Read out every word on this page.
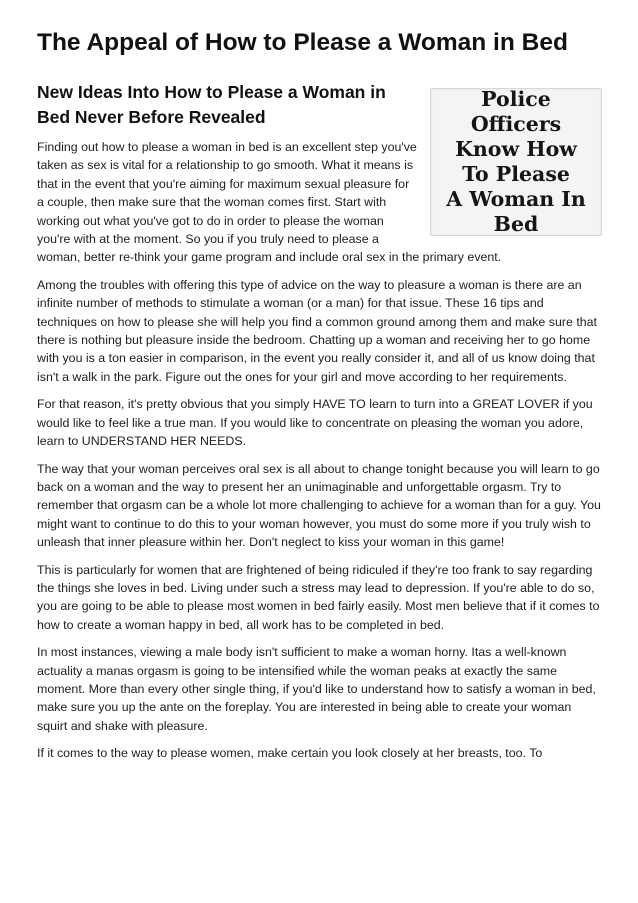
The Appeal of How to Please a Woman in Bed
New Ideas Into How to Please a Woman in Bed Never Before Revealed
Police
Officers
Know How
To Please
A Woman In
Bed

Finding out how to please a woman in bed is an excellent step you've taken as sex is vital for a relationship to go smooth. What it means is that in the event that you're aiming for maximum sexual pleasure for a couple, then make sure that the woman comes first. Start with working out what you've got to do in order to please the woman you're with at the moment. So you if you truly need to please a woman, better re-think your game program and include oral sex in the primary event.

Among the troubles with offering this type of advice on the way to pleasure a woman is there are an infinite number of methods to stimulate a woman (or a man) for that issue. These 16 tips and techniques on how to please she will help you find a common ground among them and make sure that there is nothing but pleasure inside the bedroom. Chatting up a woman and receiving her to go home with you is a ton easier in comparison, in the event you really consider it, and all of us know doing that isn't a walk in the park. Figure out the ones for your girl and move according to her requirements.

For that reason, it's pretty obvious that you simply HAVE TO learn to turn into a GREAT LOVER if you would like to feel like a true man. If you would like to concentrate on pleasing the woman you adore, learn to UNDERSTAND HER NEEDS.

The way that your woman perceives oral sex is all about to change tonight because you will learn to go back on a woman and the way to present her an unimaginable and unforgettable orgasm. Try to remember that orgasm can be a whole lot more challenging to achieve for a woman than for a guy. You might want to continue to do this to your woman however, you must do some more if you truly wish to unleash that inner pleasure within her. Don't neglect to kiss your woman in this game!

This is particularly for women that are frightened of being ridiculed if they're too frank to say regarding the things she loves in bed. Living under such a stress may lead to depression. If you're able to do so, you are going to be able to please most women in bed fairly easily. Most men believe that if it comes to how to create a woman happy in bed, all work has to be completed in bed.

In most instances, viewing a male body isn't sufficient to make a woman horny. Itas a well-known actuality a manas orgasm is going to be intensified while the woman peaks at exactly the same moment. More than every other single thing, if you'd like to understand how to satisfy a woman in bed, make sure you up the ante on the foreplay. You are interested in being able to create your woman squirt and shake with pleasure.

If it comes to the way to please women, make certain you look closely at her breasts, too. To
